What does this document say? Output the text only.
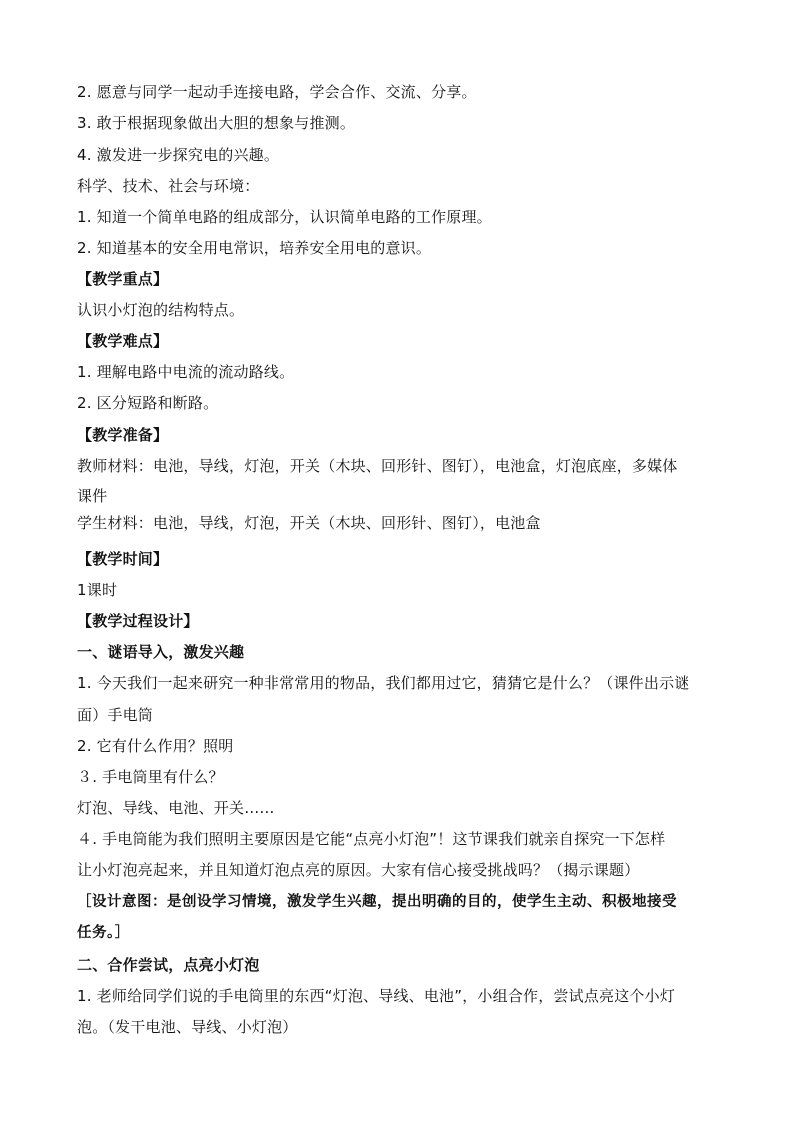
2. 愿意与同学一起动手连接电路，学会合作、交流、分享。
3. 敢于根据现象做出大胆的想象与推测。
4. 激发进一步探究电的兴趣。
科学、技术、社会与环境：
1. 知道一个简单电路的组成部分，认识简单电路的工作原理。
2. 知道基本的安全用电常识，培养安全用电的意识。
【教学重点】
认识小灯泡的结构特点。
【教学难点】
1. 理解电路中电流的流动路线。
2. 区分短路和断路。
【教学准备】
教师材料：电池，导线，灯泡，开关（木块、回形针、图钉），电池盒，灯泡底座，多媒体
课件
学生材料：电池，导线，灯泡，开关（木块、回形针、图钉），电池盒
【教学时间】
1课时
【教学过程设计】
一、谜语导入，激发兴趣
1. 今天我们一起来研究一种非常常用的物品，我们都用过它，猜猜它是什么？（课件出示谜
面）手电筒
2. 它有什么作用？照明
３. 手电筒里有什么？
灯泡、导线、电池、开关……
４. 手电筒能为我们照明主要原因是它能“点亮小灯泡”！这节课我们就亲自探究一下怎样
让小灯泡亮起来，并且知道灯泡点亮的原因。大家有信心接受挑战吗？（揭示课题）
［设计意图：是创设学习情境，激发学生兴趣，提出明确的目的，使学生主动、积极地接受
任务。］
二、合作尝试，点亮小灯泡
1. 老师给同学们说的手电筒里的东西“灯泡、导线、电池”，小组合作，尝试点亮这个小灯
泡。（发干电池、导线、小灯泡）
